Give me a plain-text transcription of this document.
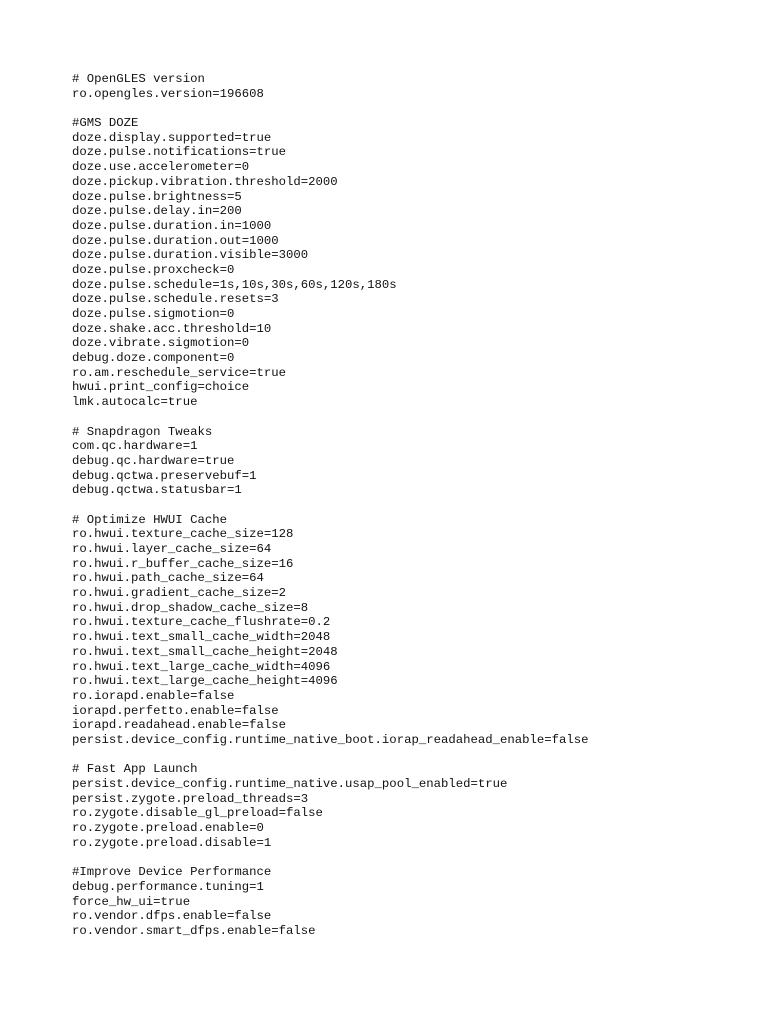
# OpenGLES version
ro.opengles.version=196608
#GMS DOZE
doze.display.supported=true
doze.pulse.notifications=true
doze.use.accelerometer=0
doze.pickup.vibration.threshold=2000
doze.pulse.brightness=5
doze.pulse.delay.in=200
doze.pulse.duration.in=1000
doze.pulse.duration.out=1000
doze.pulse.duration.visible=3000
doze.pulse.proxcheck=0
doze.pulse.schedule=1s,10s,30s,60s,120s,180s
doze.pulse.schedule.resets=3
doze.pulse.sigmotion=0
doze.shake.acc.threshold=10
doze.vibrate.sigmotion=0
debug.doze.component=0
ro.am.reschedule_service=true
hwui.print_config=choice
lmk.autocalc=true
# Snapdragon Tweaks
com.qc.hardware=1
debug.qc.hardware=true
debug.qctwa.preservebuf=1
debug.qctwa.statusbar=1
# Optimize HWUI Cache
ro.hwui.texture_cache_size=128
ro.hwui.layer_cache_size=64
ro.hwui.r_buffer_cache_size=16
ro.hwui.path_cache_size=64
ro.hwui.gradient_cache_size=2
ro.hwui.drop_shadow_cache_size=8
ro.hwui.texture_cache_flushrate=0.2
ro.hwui.text_small_cache_width=2048
ro.hwui.text_small_cache_height=2048
ro.hwui.text_large_cache_width=4096
ro.hwui.text_large_cache_height=4096
ro.iorapd.enable=false
iorapd.perfetto.enable=false
iorapd.readahead.enable=false
persist.device_config.runtime_native_boot.iorap_readahead_enable=false
# Fast App Launch
persist.device_config.runtime_native.usap_pool_enabled=true
persist.zygote.preload_threads=3
ro.zygote.disable_gl_preload=false
ro.zygote.preload.enable=0
ro.zygote.preload.disable=1
#Improve Device Performance
debug.performance.tuning=1
force_hw_ui=true
ro.vendor.dfps.enable=false
ro.vendor.smart_dfps.enable=false
